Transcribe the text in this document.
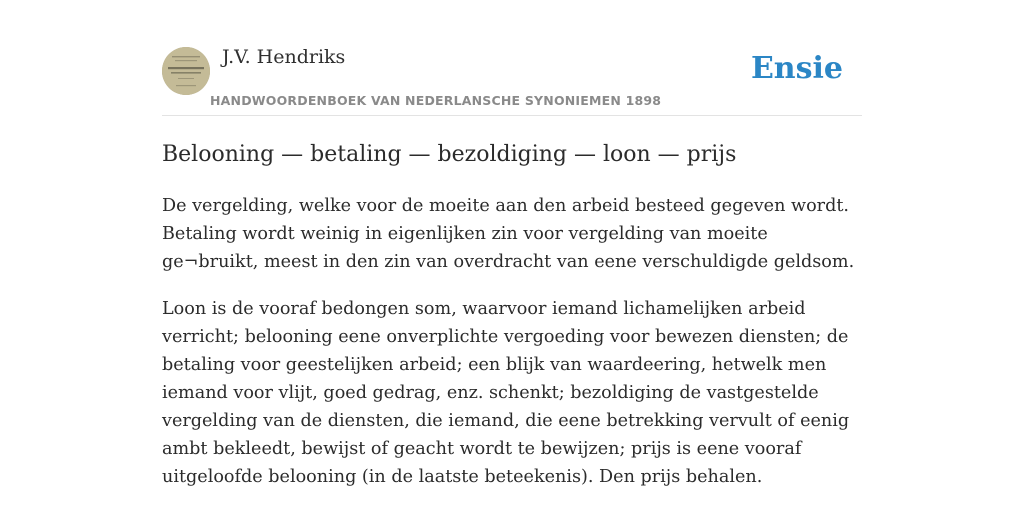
J.V. Hendriks
HANDWOORDENBOEK VAN NEDERLANSCHE SYNONIEMEN 1898
Ensie
Belooning — betaling — bezoldiging — loon — prijs

De vergelding, welke voor de moeite aan den arbeid besteed gegeven wordt. Betaling wordt weinig in eigenlijken zin voor vergelding van moeite ge¬bruikt, meest in den zin van overdracht van eene verschuldigde geldsom.

Loon is de vooraf bedongen som, waarvoor iemand lichamelijken arbeid verricht; belooning eene onverplichte vergoeding voor bewezen diensten; de betaling voor geestelijken arbeid; een blijk van waardeering, hetwelk men iemand voor vlijt, goed gedrag, enz. schenkt; bezoldiging de vastgestelde vergelding van de diensten, die iemand, die eene betrekking vervult of eenig ambt bekleedt, bewijst of geacht wordt te bewijzen; prijs is eene vooraf uitgeloofde belooning (in de laatste beteekenis). Den prijs behalen.
